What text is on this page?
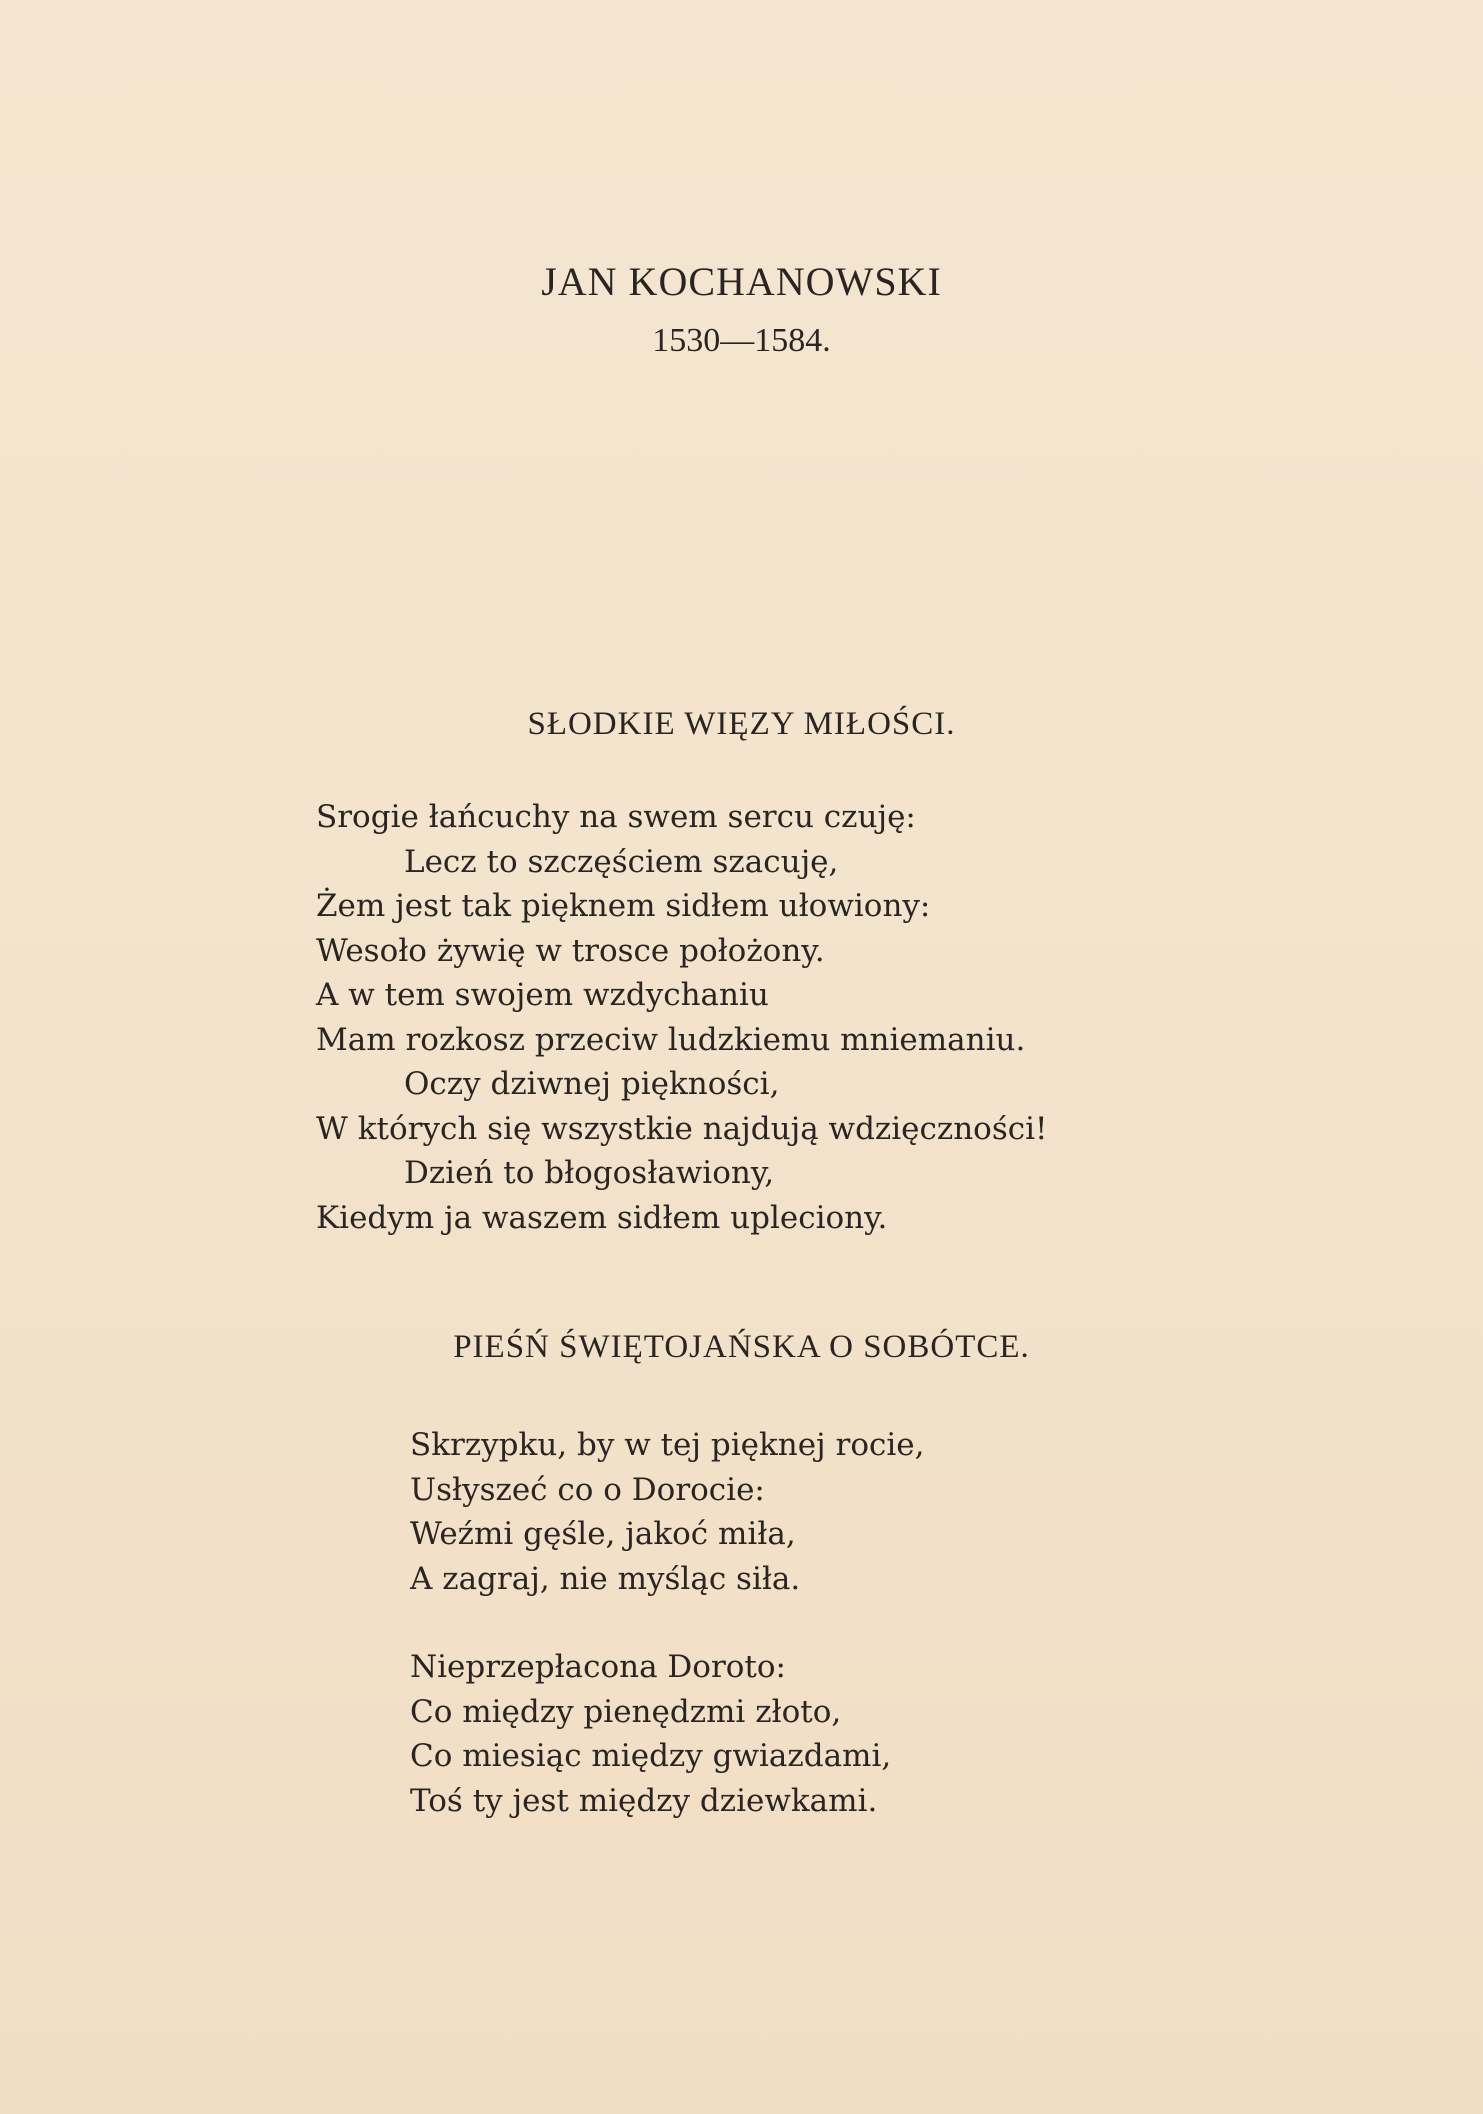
JAN KOCHANOWSKI
1530—1584.
SŁODKIE WIĘZY MIŁOŚCI.
Srogie łańcuchy na swem sercu czuję:
Lecz to szczęściem szacuję,
Żem jest tak pięknem sidłem ułowiony:
Wesoło żywię w trosce położony.
A w tem swojem wzdychaniu
Mam rozkosz przeciw ludzkiemu mniemaniu.
Oczy dziwnej piękności,
W których się wszystkie najdują wdzięczności!
Dzień to błogosławiony,
Kiedym ja waszem sidłem upleciony.
PIEŚŃ ŚWIĘTOJAŃSKA O SOBÓTCE.
Skrzypku, by w tej pięknej rocie,
Usłyszeć co o Dorocie:
Weźmi gęśle, jakoć miła,
A zagraj, nie myśląc siła.
Nieprzepłacona Doroto:
Co między pienędzmi złoto,
Co miesiąc między gwiazdami,
Toś ty jest między dziewkami.
